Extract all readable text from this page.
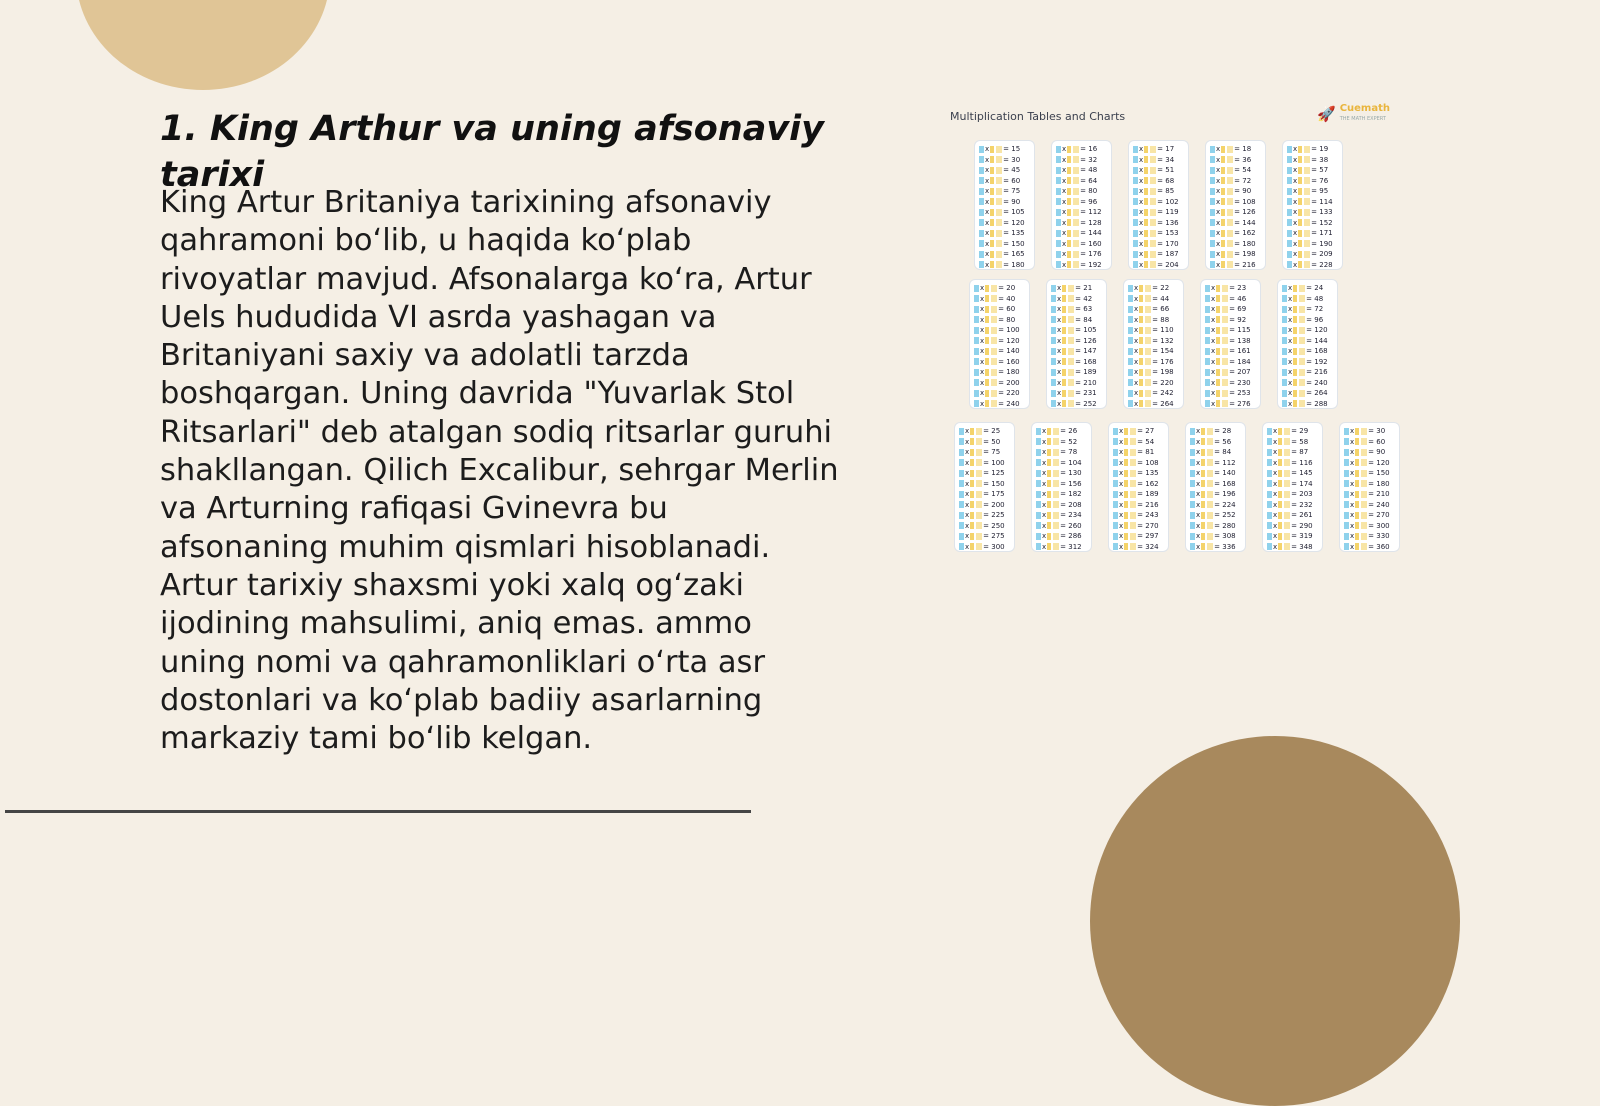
1. King Arthur va uning afsonaviy tarixi

King Artur Britaniya tarixining afsonaviy qahramoni bo‘lib, u haqida ko‘plab rivoyatlar mavjud. Afsonalarga ko‘ra, Artur Uels hududida VI asrda yashagan va Britaniyani saxiy va adolatli tarzda boshqargan. Uning davrida "Yuvarlak Stol Ritsarlari" deb atalgan sodiq ritsarlar guruhi shakllangan. Qilich Excalibur, sehrgar Merlin va Arturning rafiqasi Gvinevra bu afsonaning muhim qismlari hisoblanadi. Artur tarixiy shaxsmi yoki xalq og‘zaki ijodining mahsulimi, aniq emas. ammo uning nomi va qahramonliklari o‘rta asr dostonlari va ko‘plab badiiy asarlarning markaziy tami bo‘lib kelgan.

Multiplication Tables and Charts	🚀 Cuemath
THE MATH EXPERT
x = 15
x = 30
x = 45
x = 60
x = 75
x = 90
x = 105
x = 120
x = 135
x = 150
x = 165
x = 180
x = 16
x = 32
x = 48
x = 64
x = 80
x = 96
x = 112
x = 128
x = 144
x = 160
x = 176
x = 192
x = 17
x = 34
x = 51
x = 68
x = 85
x = 102
x = 119
x = 136
x = 153
x = 170
x = 187
x = 204
x = 18
x = 36
x = 54
x = 72
x = 90
x = 108
x = 126
x = 144
x = 162
x = 180
x = 198
x = 216
x = 19
x = 38
x = 57
x = 76
x = 95
x = 114
x = 133
x = 152
x = 171
x = 190
x = 209
x = 228
x = 20
x = 40
x = 60
x = 80
x = 100
x = 120
x = 140
x = 160
x = 180
x = 200
x = 220
x = 240
x = 21
x = 42
x = 63
x = 84
x = 105
x = 126
x = 147
x = 168
x = 189
x = 210
x = 231
x = 252
x = 22
x = 44
x = 66
x = 88
x = 110
x = 132
x = 154
x = 176
x = 198
x = 220
x = 242
x = 264
x = 23
x = 46
x = 69
x = 92
x = 115
x = 138
x = 161
x = 184
x = 207
x = 230
x = 253
x = 276
x = 24
x = 48
x = 72
x = 96
x = 120
x = 144
x = 168
x = 192
x = 216
x = 240
x = 264
x = 288
x = 25
x = 50
x = 75
x = 100
x = 125
x = 150
x = 175
x = 200
x = 225
x = 250
x = 275
x = 300
x = 26
x = 52
x = 78
x = 104
x = 130
x = 156
x = 182
x = 208
x = 234
x = 260
x = 286
x = 312
x = 27
x = 54
x = 81
x = 108
x = 135
x = 162
x = 189
x = 216
x = 243
x = 270
x = 297
x = 324
x = 28
x = 56
x = 84
x = 112
x = 140
x = 168
x = 196
x = 224
x = 252
x = 280
x = 308
x = 336
x = 29
x = 58
x = 87
x = 116
x = 145
x = 174
x = 203
x = 232
x = 261
x = 290
x = 319
x = 348
x = 30
x = 60
x = 90
x = 120
x = 150
x = 180
x = 210
x = 240
x = 270
x = 300
x = 330
x = 360
